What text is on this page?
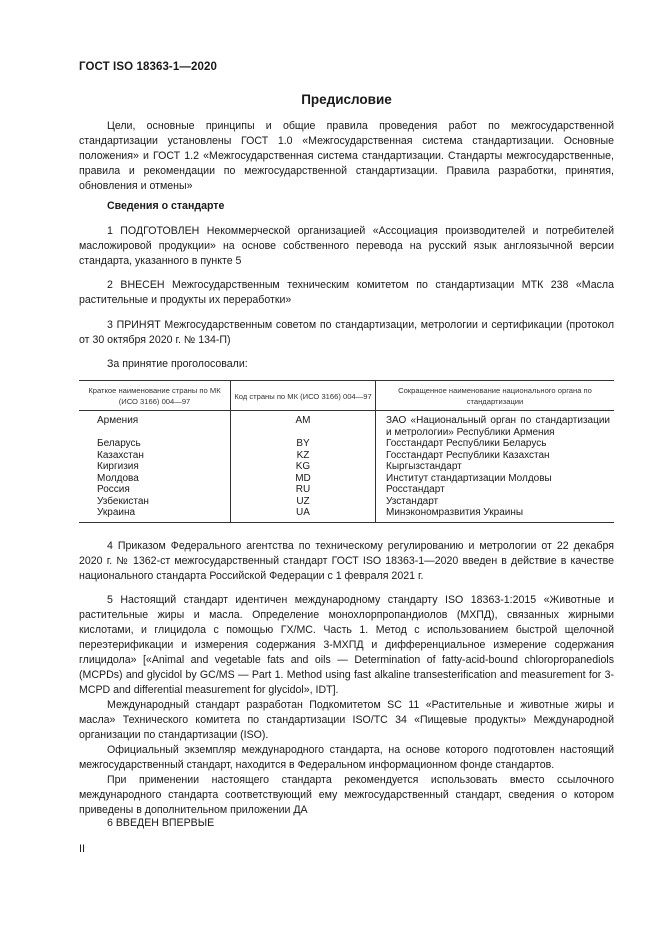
ГОСТ ISO 18363-1—2020
Предисловие

Цели, основные принципы и общие правила проведения работ по межгосударственной стандартизации установлены ГОСТ 1.0 «Межгосударственная система стандартизации. Основные положения» и ГОСТ 1.2 «Межгосударственная система стандартизации. Стандарты межгосударственные, правила и рекомендации по межгосударственной стандартизации. Правила разработки, принятия, обновления и отмены»

Сведения о стандарте

1 ПОДГОТОВЛЕН Некоммерческой организацией «Ассоциация производителей и потребителей масложировой продукции» на основе собственного перевода на русский язык англоязычной версии стандарта, указанного в пункте 5

2 ВНЕСЕН Межгосударственным техническим комитетом по стандартизации МТК 238 «Масла растительные и продукты их переработки»

3 ПРИНЯТ Межгосударственным советом по стандартизации, метрологии и сертификации (протокол от 30 октября 2020 г. № 134-П)

За принятие проголосовали:
Краткое наименование страны по МК (ИСО 3166) 004—97	Код страны по МК (ИСО 3166) 004—97	Сокращенное наименование национального органа по стандартизации
Армения	AM	ЗАО «Национальный орган по стандартизации и метрологии» Республики Армения
Беларусь	BY	Госстандарт Республики Беларусь
Казахстан	KZ	Госстандарт Республики Казахстан
Киргизия	KG	Кыргызстандарт
Молдова	MD	Институт стандартизации Молдовы
Россия	RU	Росстандарт
Узбекистан	UZ	Узстандарт
Украина	UA	Минэкономразвития Украины

4 Приказом Федерального агентства по техническому регулированию и метрологии от 22 декабря 2020 г. № 1362-ст межгосударственный стандарт ГОСТ ISO 18363-1—2020 введен в действие в качестве национального стандарта Российской Федерации с 1 февраля 2021 г.

5 Настоящий стандарт идентичен международному стандарту ISO 18363-1:2015 «Животные и растительные жиры и масла. Определение монохлорпропандиолов (МХПД), связанных жирными кислотами, и глицидола с помощью ГХ/МС. Часть 1. Метод с использованием быстрой щелочной переэтерификации и измерения содержания 3-МХПД и дифференциальное измерение содержания глицидола» [«Animal and vegetable fats and oils — Determination of fatty-acid-bound chloropropanediols (MCPDs) and glycidol by GC/MS — Part 1. Method using fast alkaline transesterification and measurement for 3-MCPD and differential measurement for glycidol», IDT].

Международный стандарт разработан Подкомитетом SC 11 «Растительные и животные жиры и масла» Технического комитета по стандартизации ISO/TC 34 «Пищевые продукты» Международной организации по стандартизации (ISO).

Официальный экземпляр международного стандарта, на основе которого подготовлен настоящий межгосударственный стандарт, находится в Федеральном информационном фонде стандартов.

При применении настоящего стандарта рекомендуется использовать вместо ссылочного международного стандарта соответствующий ему межгосударственный стандарт, сведения о котором приведены в дополнительном приложении ДА

6 ВВЕДЕН ВПЕРВЫЕ
II
